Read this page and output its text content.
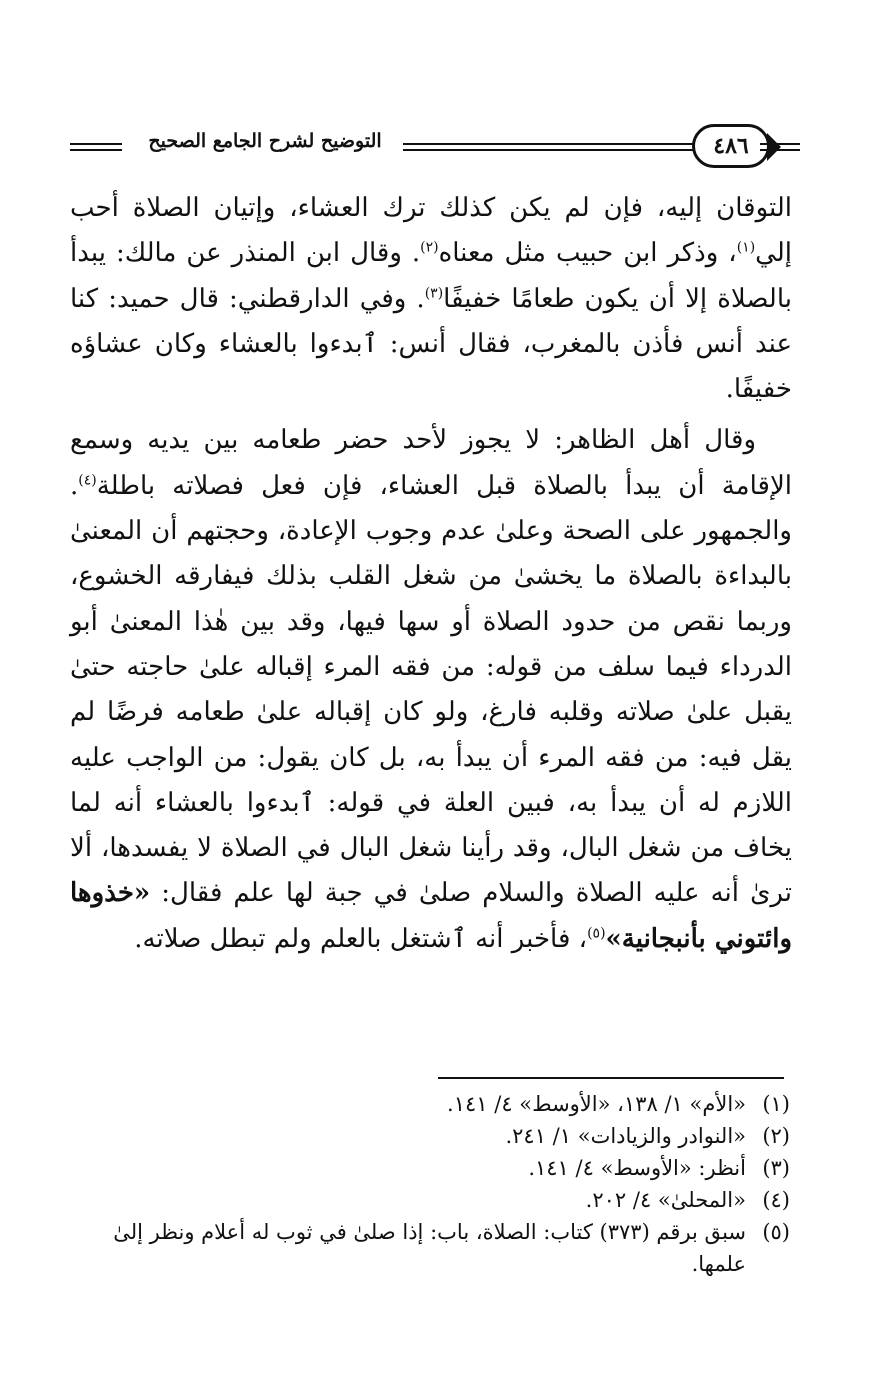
التوضيح لشرح الجامع الصحيح	٤٨٦

التوقان إليه، فإن لم يكن كذلك ترك العشاء، وإتيان الصلاة أحب إلي$^{(١)}$، وذكر ابن حبيب مثل معناه$^{(٢)}$. وقال ابن المنذر عن مالك: يبدأ بالصلاة إلا أن يكون طعامًا خفيفًا$^{(٣)}$. وفي الدارقطني: قال حميد: كنا عند أنس فأذن بالمغرب، فقال أنس: ٱبدءوا بالعشاء وكان عشاؤه خفيفًا.

وقال أهل الظاهر: لا يجوز لأحد حضر طعامه بين يديه وسمع الإقامة أن يبدأ بالصلاة قبل العشاء، فإن فعل فصلاته باطلة$^{(٤)}$. والجمهور على الصحة وعلىٰ عدم وجوب الإعادة، وحجتهم أن المعنىٰ بالبداءة بالصلاة ما يخشىٰ من شغل القلب بذلك فيفارقه الخشوع، وربما نقص من حدود الصلاة أو سها فيها، وقد بين هٰذا المعنىٰ أبو الدرداء فيما سلف من قوله: من فقه المرء إقباله علىٰ حاجته حتىٰ يقبل علىٰ صلاته وقلبه فارغ، ولو كان إقباله علىٰ طعامه فرضًا لم يقل فيه: من فقه المرء أن يبدأ به، بل كان يقول: من الواجب عليه اللازم له أن يبدأ به، فبين العلة في قوله: ٱبدءوا بالعشاء أنه لما يخاف من شغل البال، وقد رأينا شغل البال في الصلاة لا يفسدها، ألا ترىٰ أنه عليه الصلاة والسلام صلىٰ في جبة لها علم فقال: «خذوها وائتوني بأنبجانية»$^{(٥)}$، فأخبر أنه ٱشتغل بالعلم ولم تبطل صلاته.

(١)
«الأم» ١/ ١٣٨، «الأوسط» ٤/ ١٤١.
(٢)
«النوادر والزيادات» ١/ ٢٤١.
(٣)
أنظر: «الأوسط» ٤/ ١٤١.
(٤)
«المحلىٰ» ٤/ ٢٠٢.
(٥)
سبق برقم (٣٧٣) كتاب: الصلاة، باب: إذا صلىٰ في ثوب له أعلام ونظر إلىٰ علمها.
